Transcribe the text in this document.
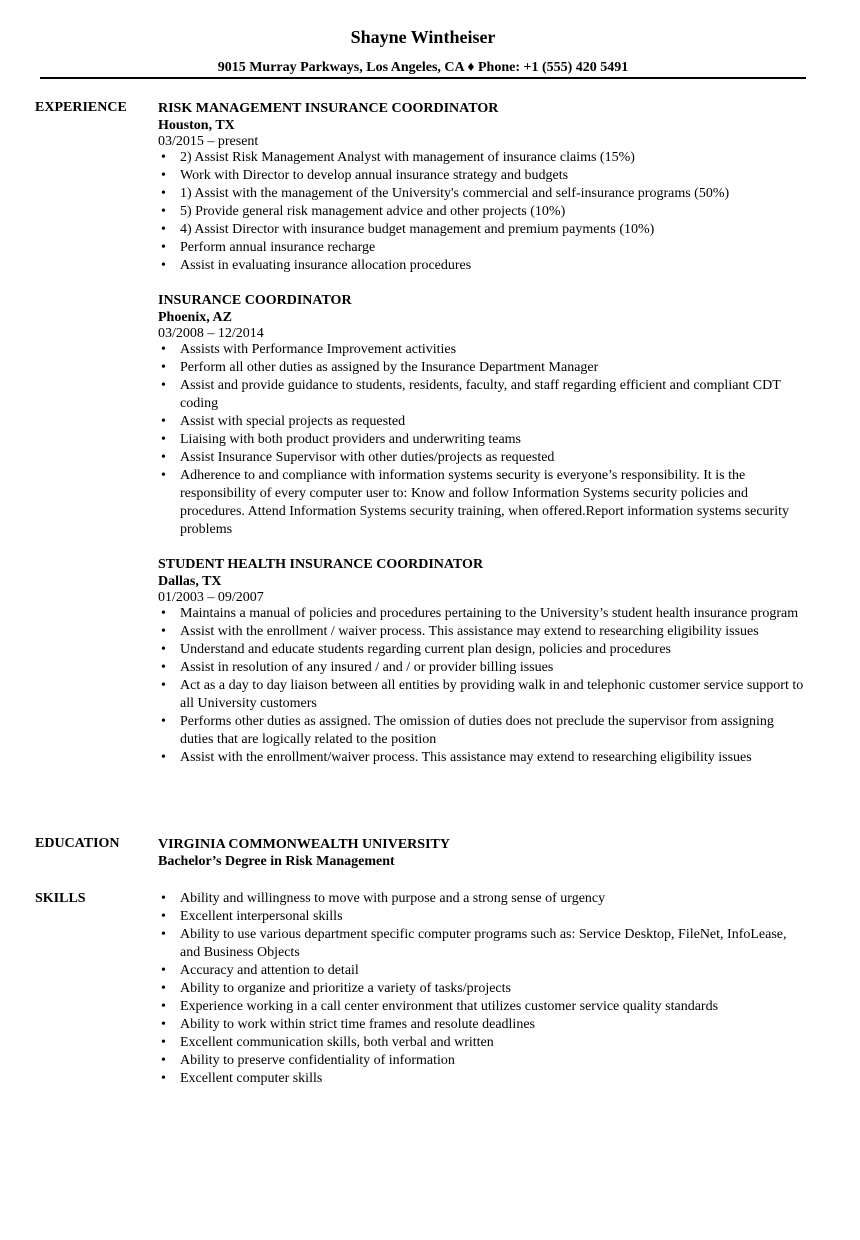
Shayne Wintheiser
9015 Murray Parkways, Los Angeles, CA ♦ Phone: +1 (555) 420 5491
EXPERIENCE RISK MANAGEMENT INSURANCE COORDINATOR
Houston, TX
03/2015 – present
• 2) Assist Risk Management Analyst with management of insurance claims (15%)
• Work with Director to develop annual insurance strategy and budgets
• 1) Assist with the management of the University's commercial and self-insurance programs (50%)
• 5) Provide general risk management advice and other projects (10%)
• 4) Assist Director with insurance budget management and premium payments (10%)
• Perform annual insurance recharge
• Assist in evaluating insurance allocation procedures
INSURANCE COORDINATOR
Phoenix, AZ
03/2008 – 12/2014
• Assists with Performance Improvement activities
• Perform all other duties as assigned by the Insurance Department Manager
• Assist and provide guidance to students, residents, faculty, and staff regarding efficient and compliant CDT coding
• Assist with special projects as requested
• Liaising with both product providers and underwriting teams
• Assist Insurance Supervisor with other duties/projects as requested
• Adherence to and compliance with information systems security is everyone’s responsibility. It is the responsibility of every computer user to: Know and follow Information Systems security policies and procedures. Attend Information Systems security training, when offered.Report information systems security problems
STUDENT HEALTH INSURANCE COORDINATOR
Dallas, TX
01/2003 – 09/2007
• Maintains a manual of policies and procedures pertaining to the University’s student health insurance program
• Assist with the enrollment / waiver process. This assistance may extend to researching eligibility issues
• Understand and educate students regarding current plan design, policies and procedures
• Assist in resolution of any insured / and / or provider billing issues
• Act as a day to day liaison between all entities by providing walk in and telephonic customer service support to all University customers
• Performs other duties as assigned. The omission of duties does not preclude the supervisor from assigning duties that are logically related to the position
• Assist with the enrollment/waiver process. This assistance may extend to researching eligibility issues
EDUCATION	VIRGINIA COMMONWEALTH UNIVERSITY
Bachelor’s Degree in Risk Management
SKILLS	• Ability and willingness to move with purpose and a strong sense of urgency
• Excellent interpersonal skills
• Ability to use various department specific computer programs such as: Service Desktop, FileNet, InfoLease, and Business Objects
• Accuracy and attention to detail
• Ability to organize and prioritize a variety of tasks/projects
• Experience working in a call center environment that utilizes customer service quality standards
• Ability to work within strict time frames and resolute deadlines
• Excellent communication skills, both verbal and written
• Ability to preserve confidentiality of information
• Excellent computer skills
